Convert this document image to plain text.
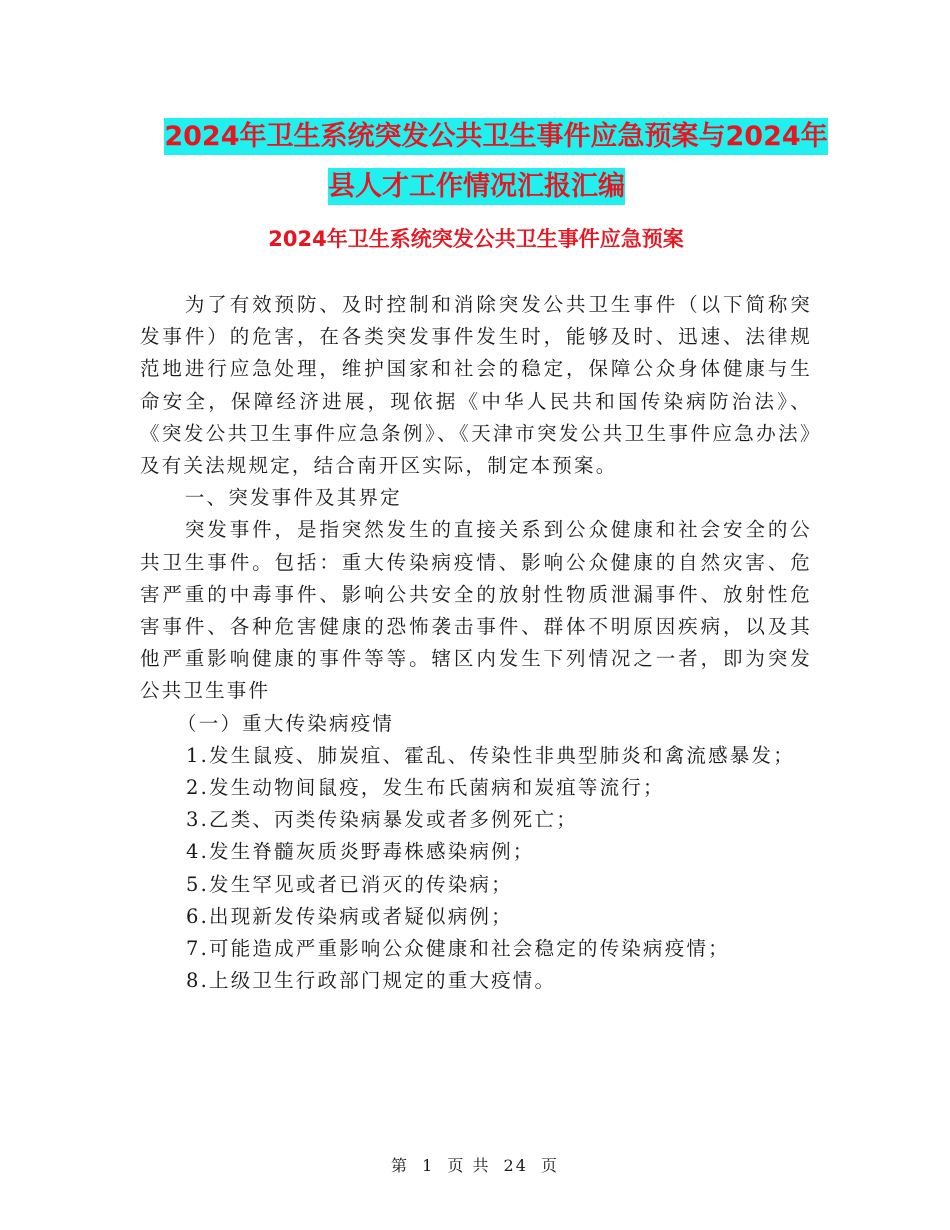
2024年卫生系统突发公共卫生事件应急预案与2024年
县人才工作情况汇报汇编
2024年卫生系统突发公共卫生事件应急预案

为了有效预防、及时控制和消除突发公共卫生事件（以下简称突发事件）的危害，在各类突发事件发生时，能够及时、迅速、法律规范地进行应急处理，维护国家和社会的稳定，保障公众身体健康与生命安全，保障经济进展，现依据《中华人民共和国传染病防治法》、《突发公共卫生事件应急条例》、《天津市突发公共卫生事件应急办法》及有关法规规定，结合南开区实际，制定本预案。

一、突发事件及其界定

突发事件，是指突然发生的直接关系到公众健康和社会安全的公共卫生事件。包括：重大传染病疫情、影响公众健康的自然灾害、危害严重的中毒事件、影响公共安全的放射性物质泄漏事件、放射性危害事件、各种危害健康的恐怖袭击事件、群体不明原因疾病，以及其他严重影响健康的事件等等。辖区内发生下列情况之一者，即为突发公共卫生事件

（一）重大传染病疫情

1.发生鼠疫、肺炭疽、霍乱、传染性非典型肺炎和禽流感暴发；

2.发生动物间鼠疫，发生布氏菌病和炭疽等流行；

3.乙类、丙类传染病暴发或者多例死亡；

4.发生脊髓灰质炎野毒株感染病例；

5.发生罕见或者已消灭的传染病；

6.出现新发传染病或者疑似病例；

7.可能造成严重影响公众健康和社会稳定的传染病疫情；

8.上级卫生行政部门规定的重大疫情。

第 1 页 共 24 页
